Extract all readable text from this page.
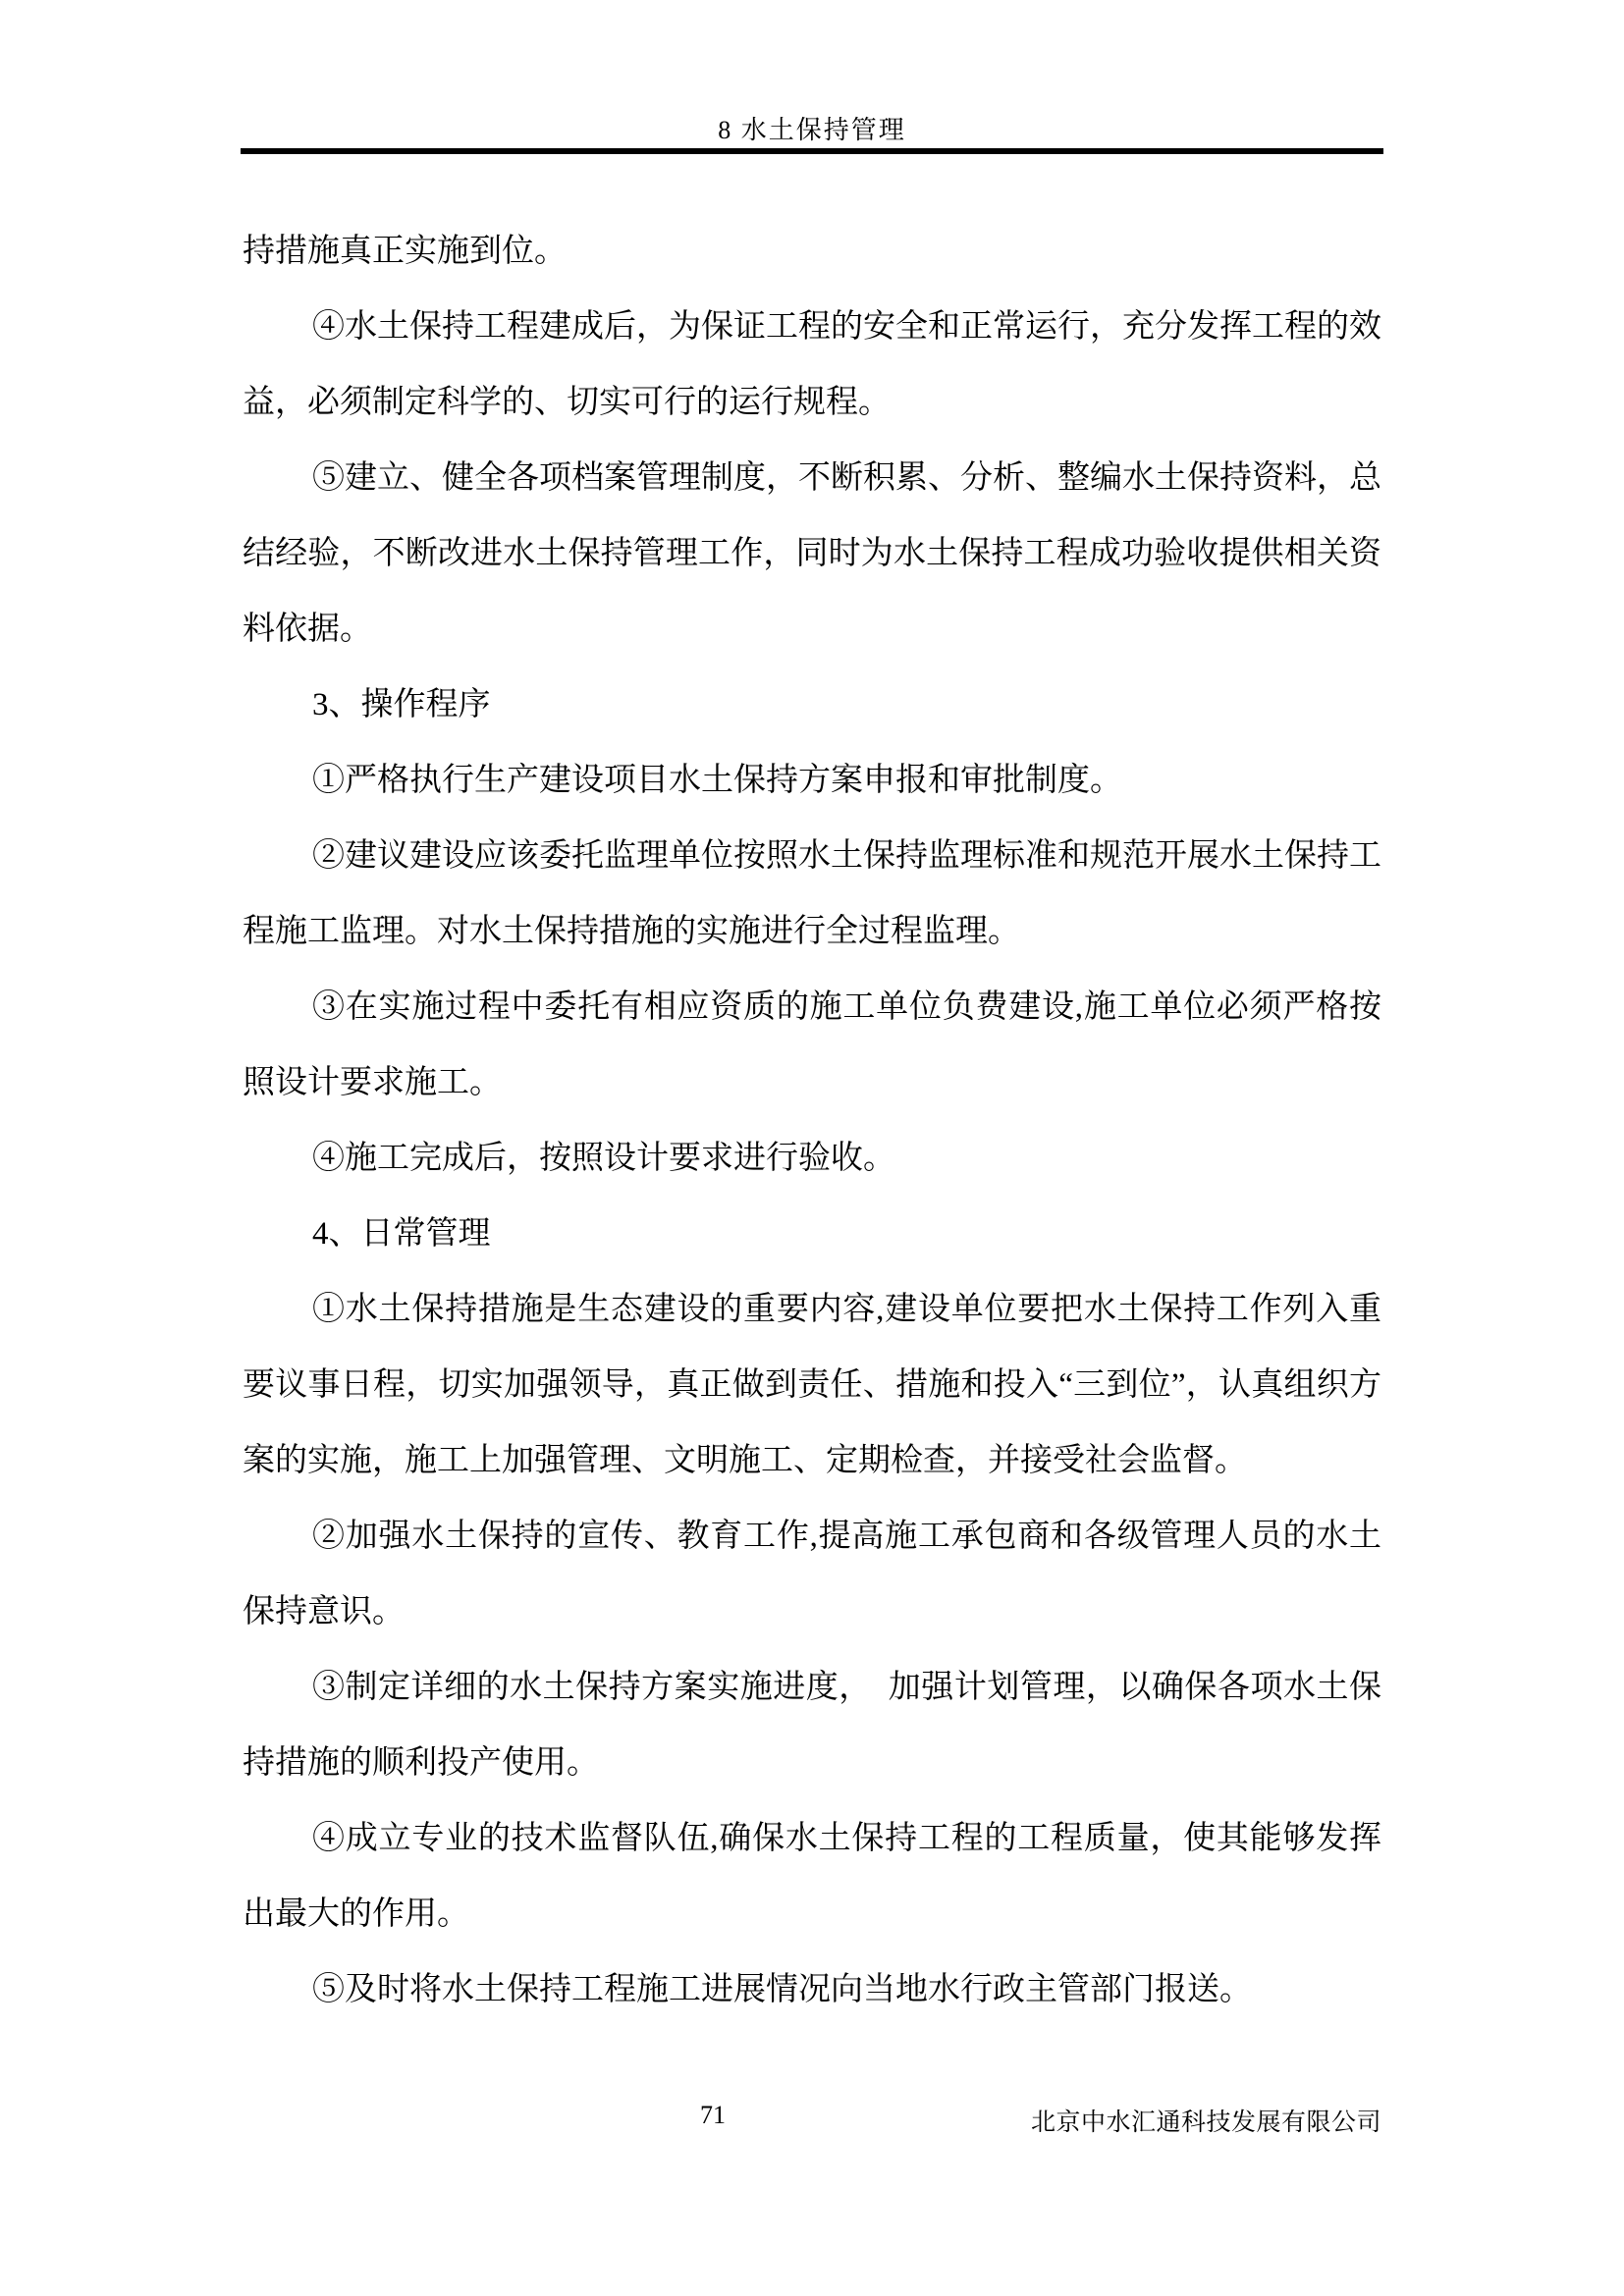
8 水土保持管理

持措施真正实施到位。

④水土保持工程建成后，为保证工程的安全和正常运行，充分发挥工程的效益，必须制定科学的、切实可行的运行规程。

⑤建立、健全各项档案管理制度，不断积累、分析、整编水土保持资料，总结经验，不断改进水土保持管理工作，同时为水土保持工程成功验收提供相关资料依据。

3、操作程序

①严格执行生产建设项目水土保持方案申报和审批制度。

②建议建设应该委托监理单位按照水土保持监理标准和规范开展水土保持工程施工监理。对水土保持措施的实施进行全过程监理。

③在实施过程中委托有相应资质的施工单位负费建设,施工单位必须严格按照设计要求施工。

④施工完成后，按照设计要求进行验收。

4、日常管理

①水土保持措施是生态建设的重要内容,建设单位要把水土保持工作列入重要议事日程，切实加强领导，真正做到责任、措施和投入“三到位”，认真组织方案的实施，施工上加强管理、文明施工、定期检查，并接受社会监督。

②加强水土保持的宣传、教育工作,提高施工承包商和各级管理人员的水土保持意识。

③制定详细的水土保持方案实施进度，　加强计划管理，以确保各项水土保持措施的顺利投产使用。

④成立专业的技术监督队伍,确保水土保持工程的工程质量，使其能够发挥出最大的作用。

⑤及时将水土保持工程施工进展情况向当地水行政主管部门报送。

71	北京中水汇通科技发展有限公司
